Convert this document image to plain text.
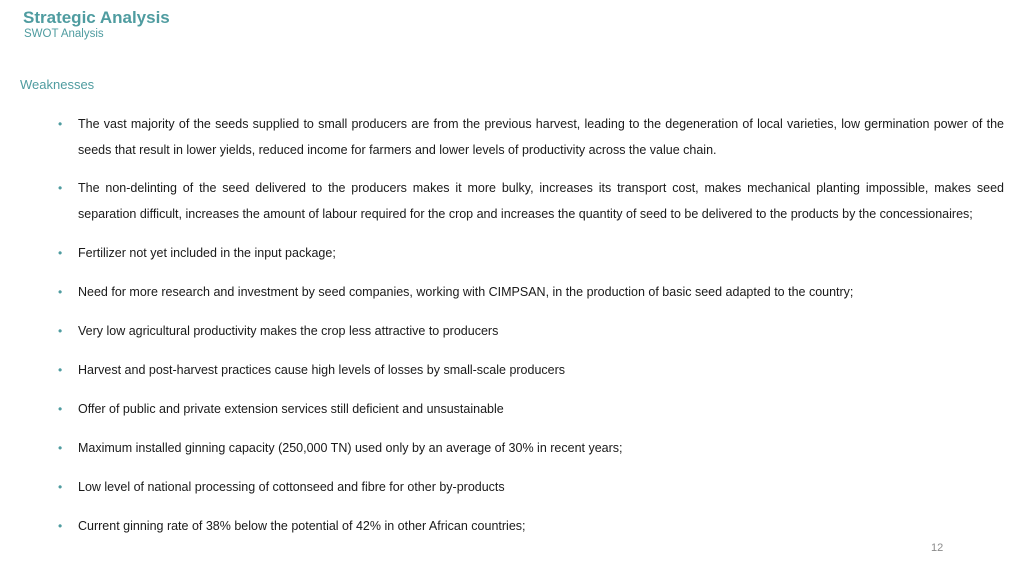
Strategic Analysis
SWOT Analysis
Weaknesses
• The vast majority of the seeds supplied to small producers are from the previous harvest, leading to the degeneration of local varieties, low germination power of the seeds that result in lower yields, reduced income for farmers and lower levels of productivity across the value chain.
• The non-delinting of the seed delivered to the producers makes it more bulky, increases its transport cost, makes mechanical planting impossible, makes seed separation difficult, increases the amount of labour required for the crop and increases the quantity of seed to be delivered to the products by the concessionaires;
• Fertilizer not yet included in the input package;
• Need for more research and investment by seed companies, working with CIMPSAN, in the production of basic seed adapted to the country;
• Very low agricultural productivity makes the crop less attractive to producers
• Harvest and post-harvest practices cause high levels of losses by small-scale producers
• Offer of public and private extension services still deficient and unsustainable
• Maximum installed ginning capacity (250,000 TN) used only by an average of 30% in recent years;
• Low level of national processing of cottonseed and fibre for other by-products
• Current ginning rate of 38% below the potential of 42% in other African countries;
12
